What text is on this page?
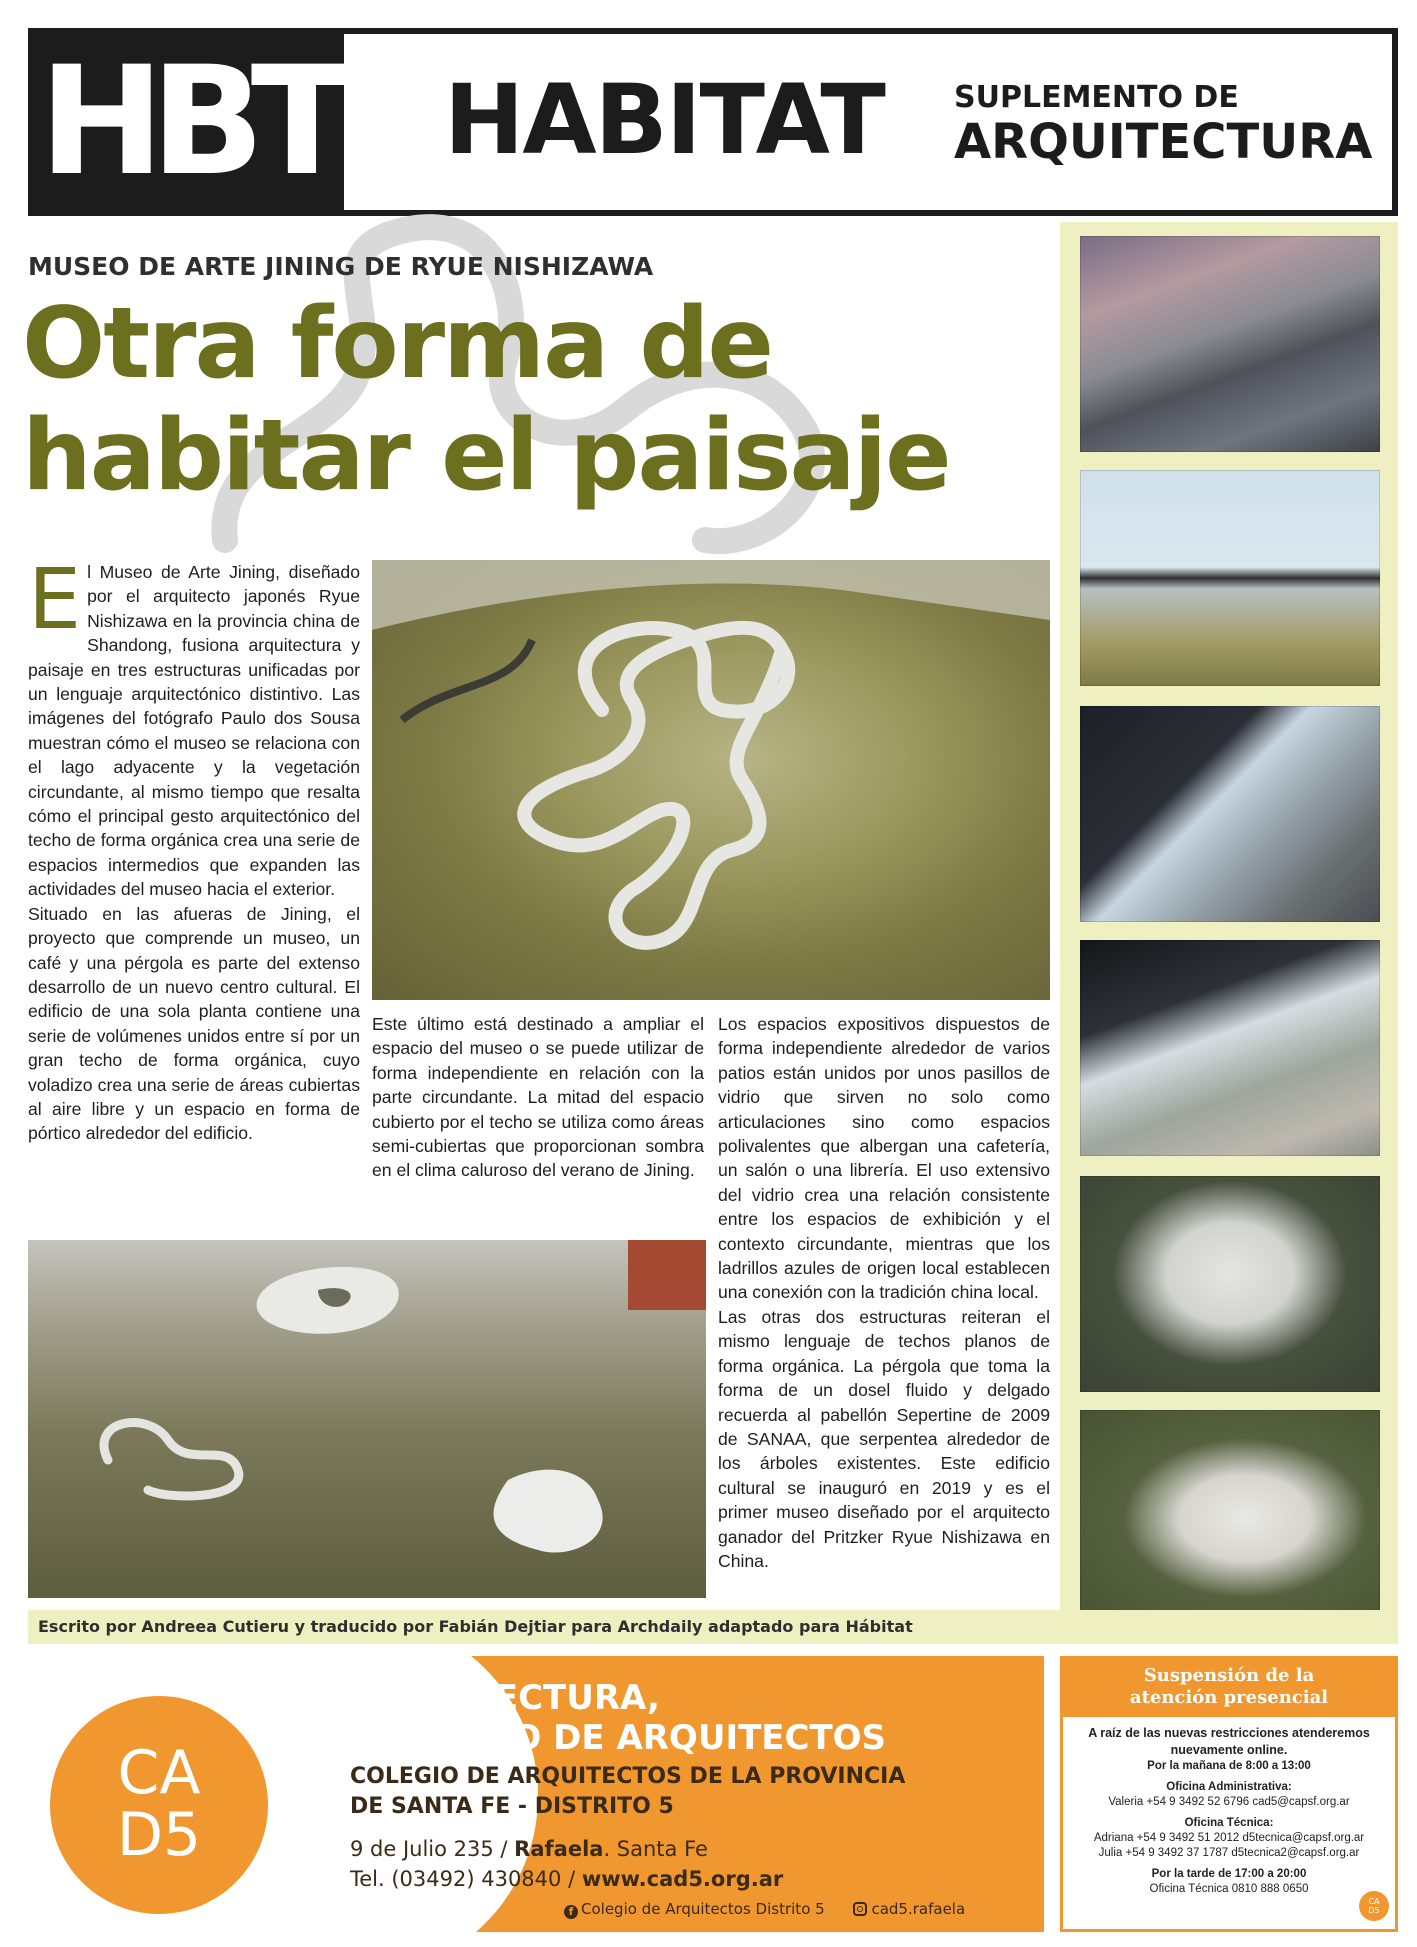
HBT HABITAT SUPLEMENTO DE
ARQUITECTURA
MUSEO DE ARTE JINING DE RYUE NISHIZAWA
Otra forma de
habitar el paisaje
E l Museo de Arte Jining, diseñado por el arquitecto japonés Ryue Nishizawa en la provincia china de Shandong, fusiona arquitectura y paisaje en tres estructuras unificadas por un lenguaje arquitectónico distintivo. Las imágenes del fotógrafo Paulo dos Sousa muestran cómo el museo se relaciona con el lago adyacente y la vegetación circundante, al mismo tiempo que resalta cómo el principal gesto arquitectónico del techo de forma orgánica crea una serie de espacios intermedios que expanden las actividades del museo hacia el exterior.

Situado en las afueras de Jining, el proyecto que comprende un museo, un café y una pérgola es parte del extenso desarrollo de un nuevo centro cultural. El edificio de una sola planta contiene una serie de volúmenes unidos entre sí por un gran techo de forma orgánica, cuyo voladizo crea una serie de áreas cubiertas al aire libre y un espacio en forma de pórtico alrededor del edificio.

Este último está destinado a ampliar el espacio del museo o se puede utilizar de forma independiente en relación con la parte circundante. La mitad del espacio cubierto por el techo se utiliza como áreas semi-cubiertas que proporcionan sombra en el clima caluroso del verano de Jining.

Los espacios expositivos dispuestos de forma independiente alrededor de varios patios están unidos por unos pasillos de vidrio que sirven no solo como articulaciones sino como espacios polivalentes que albergan una cafetería, un salón o una librería. El uso extensivo del vidrio crea una relación consistente entre los espacios de exhibición y el contexto circundante, mientras que los ladrillos azules de origen local establecen una conexión con la tradición china local.

Las otras dos estructuras reiteran el mismo lenguaje de techos planos de forma orgánica. La pérgola que toma la forma de un dosel fluido y delgado recuerda al pabellón Sepertine de 2009 de SANAA, que serpentea alrededor de los árboles existentes. Este edificio cultural se inauguró en 2019 y es el primer museo diseñado por el arquitecto ganador del Pritzker Ryue Nishizawa en China.

Escrito por Andreea Cutieru y traducido por Fabián Dejtiar para Archdaily adaptado para Hábitat
CA
D5
ARQUITECTURA,
ATRIBUTO DE ARQUITECTOS
COLEGIO DE ARQUITECTOS DE LA PROVINCIA
DE SANTA FE - DISTRITO 5
9 de Julio 235 / Rafaela. Santa Fe
Tel. (03492) 430840 / www.cad5.org.ar
f Colegio de Arquitectos Distrito 5	cad5.rafaela
Suspensión de la
atención presencial
A raíz de las nuevas restricciones atenderemos nuevamente online.
Por la mañana de 8:00 a 13:00
Oficina Administrativa:
Valeria +54 9 3492 52 6796 cad5@capsf.org.ar
Oficina Técnica:
Adriana +54 9 3492 51 2012 d5tecnica@capsf.org.ar
Julia +54 9 3492 37 1787 d5tecnica2@capsf.org.ar
Por la tarde de 17:00 a 20:00
Oficina Técnica 0810 888 0650
CA
D5
